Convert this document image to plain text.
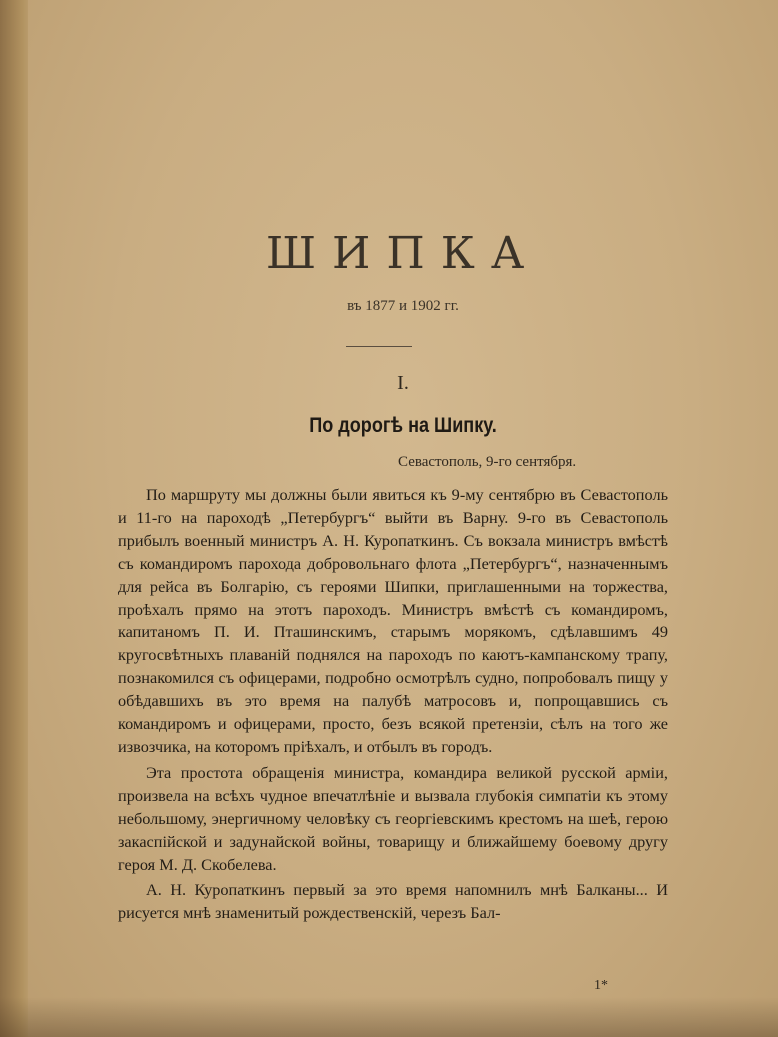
ШИПКА
въ 1877 и 1902 гг.
I.
По дорогѣ на Шипку.
Севастополь, 9-го сентября.

По маршруту мы должны были явиться къ 9-му сентябрю въ Севастополь и 11-го на пароходѣ „Петербургъ“ выйти въ Варну. 9-го въ Севастополь прибылъ военный министръ А. Н. Куропаткинъ. Съ вокзала министръ вмѣстѣ съ командиромъ парохода добровольнаго флота „Петербургъ“, назначеннымъ для рейса въ Болгарію, съ героями Шипки, приглашенными на торжества, проѣхалъ прямо на этотъ пароходъ. Министръ вмѣстѣ съ командиромъ, капитаномъ П. И. Пташинскимъ, старымъ морякомъ, сдѣлавшимъ 49 кругосвѣтныхъ плаваній поднялся на пароходъ по каютъ-кампанскому трапу, познакомился съ офицерами, подробно осмотрѣлъ судно, попробовалъ пищу у обѣдавшихъ въ это время на палубѣ матросовъ и, попрощавшись съ командиромъ и офицерами, просто, безъ всякой претензіи, сѣлъ на того же извозчика, на которомъ пріѣхалъ, и отбылъ въ городъ.

Эта простота обращенія министра, командира великой русской арміи, произвела на всѣхъ чудное впечатлѣніе и вызвала глубокія симпатіи къ этому небольшому, энергичному человѣку съ георгіевскимъ крестомъ на шеѣ, герою закаспійской и задунайской войны, товарищу и ближайшему боевому другу героя М. Д. Скобелева.

А. Н. Куропаткинъ первый за это время напомнилъ мнѣ Балканы... И рисуется мнѣ знаменитый рождественскій, черезъ Бал-

1*
